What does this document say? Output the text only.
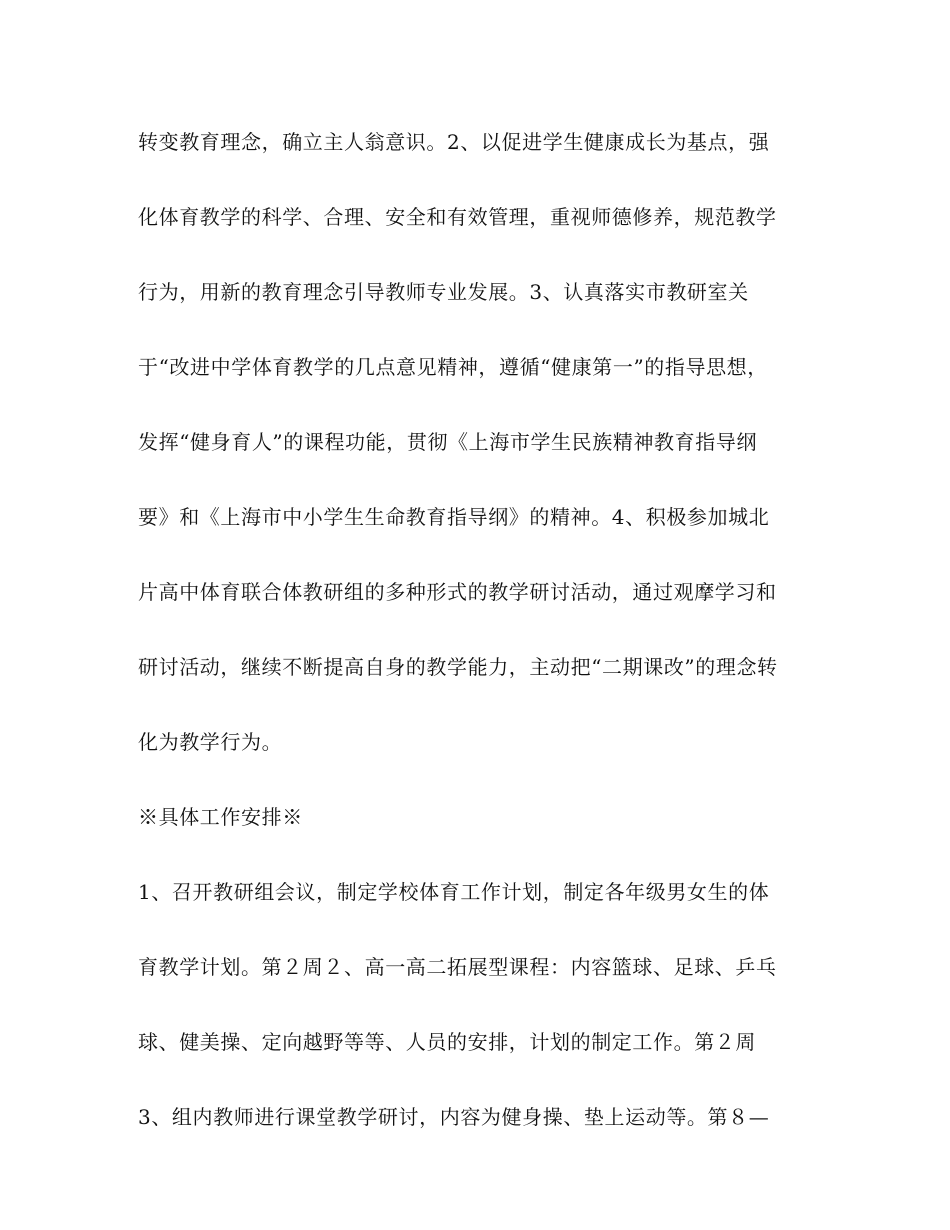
转变教育理念，确立主人翁意识。2、以促进学生健康成长为基点，强
化体育教学的科学、合理、安全和有效管理，重视师德修养，规范教学
行为，用新的教育理念引导教师专业发展。3、认真落实市教研室关
于“改进中学体育教学的几点意见精神，遵循“健康第一”的指导思想，
发挥“健身育人”的课程功能，贯彻《上海市学生民族精神教育指导纲
要》和《上海市中小学生生命教育指导纲》的精神。4、积极参加城北
片高中体育联合体教研组的多种形式的教学研讨活动，通过观摩学习和
研讨活动，继续不断提高自身的教学能力，主动把“二期课改”的理念转
化为教学行为。
※具体工作安排※
1、召开教研组会议，制定学校体育工作计划，制定各年级男女生的体
育教学计划。第２周２、高一高二拓展型课程：内容篮球、足球、乒乓
球、健美操、定向越野等等、人员的安排，计划的制定工作。第２周
3、组内教师进行课堂教学研讨，内容为健身操、垫上运动等。第８—
